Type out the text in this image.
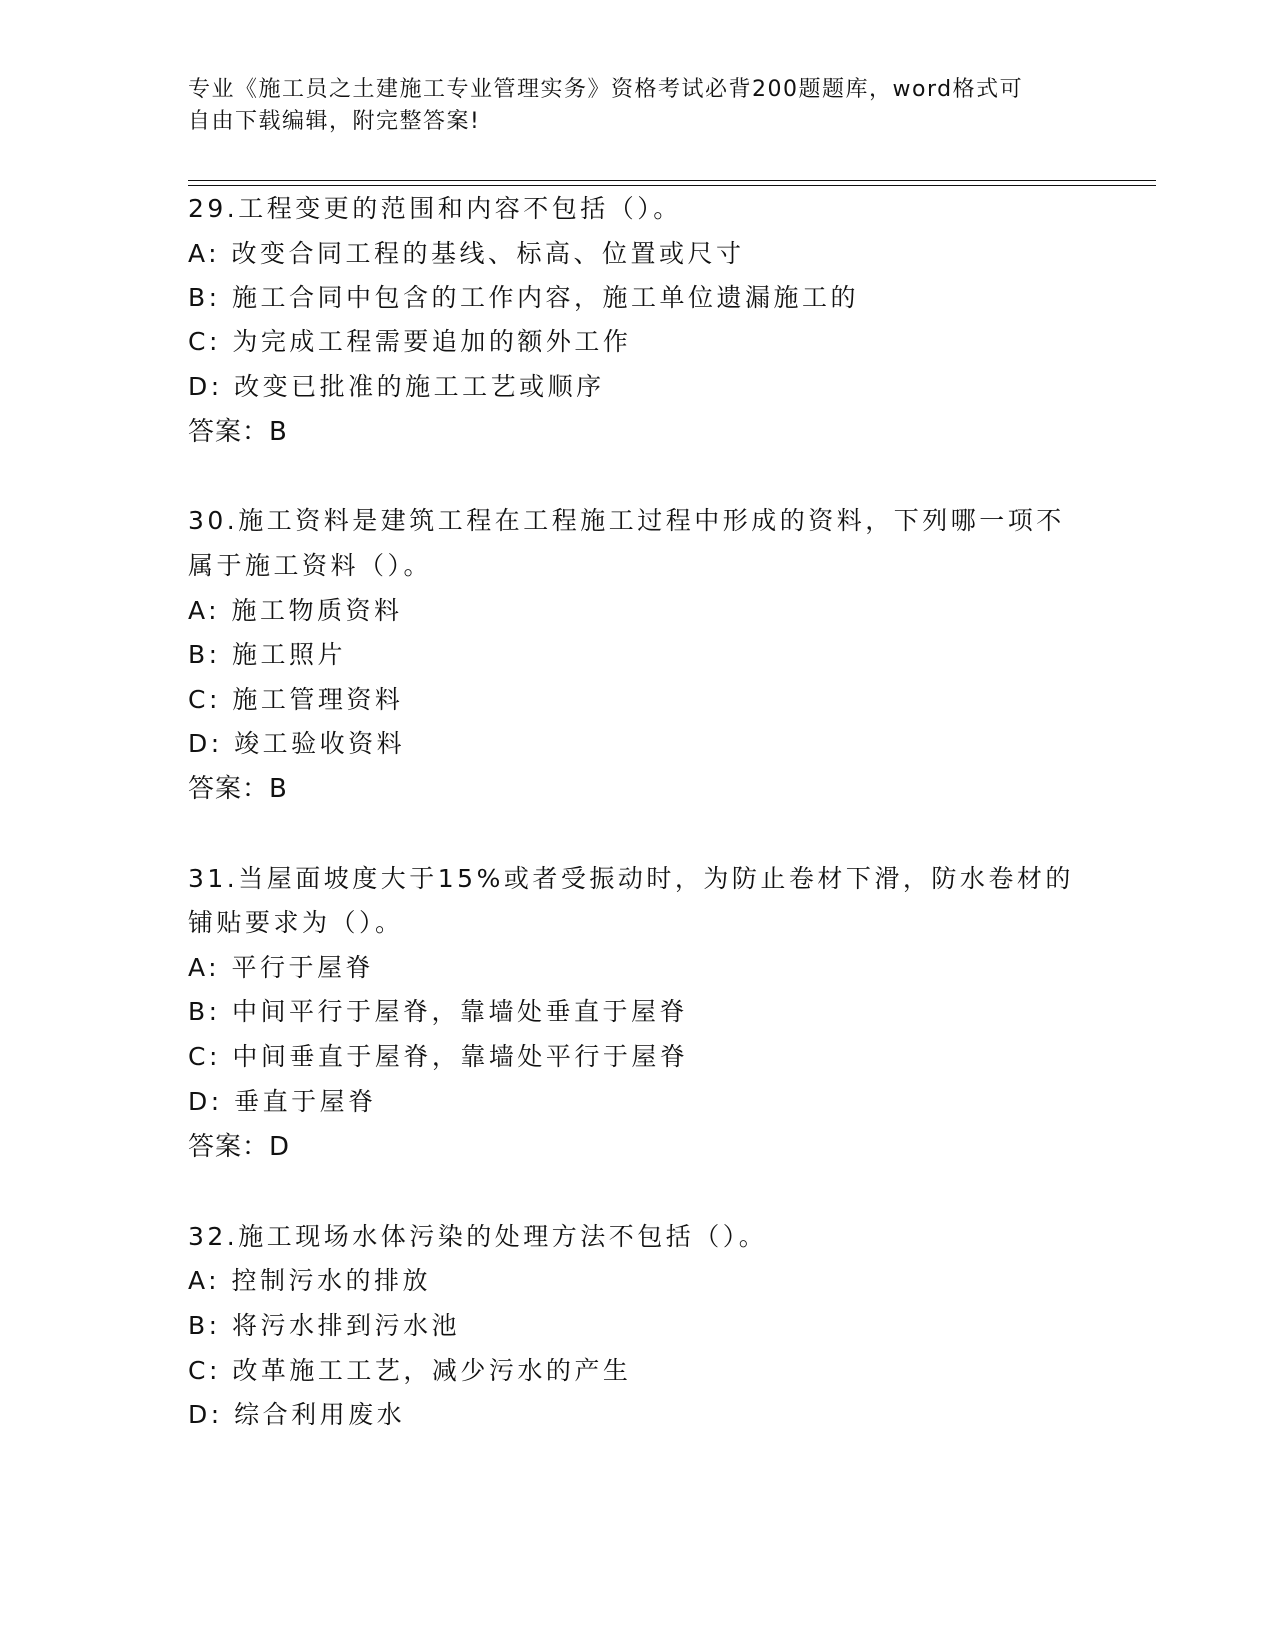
专业《施工员之土建施工专业管理实务》资格考试必背200题题库，word格式可
自由下载编辑，附完整答案!
29.工程变更的范围和内容不包括（）。
A: 改变合同工程的基线、标高、位置或尺寸
B: 施工合同中包含的工作内容，施工单位遗漏施工的
C: 为完成工程需要追加的额外工作
D: 改变已批准的施工工艺或顺序
答案：B
30.施工资料是建筑工程在工程施工过程中形成的资料，下列哪一项不
属于施工资料（）。
A: 施工物质资料
B: 施工照片
C: 施工管理资料
D: 竣工验收资料
答案：B
31.当屋面坡度大于15%或者受振动时，为防止卷材下滑，防水卷材的
铺贴要求为（）。
A: 平行于屋脊
B: 中间平行于屋脊，靠墙处垂直于屋脊
C: 中间垂直于屋脊，靠墙处平行于屋脊
D: 垂直于屋脊
答案：D
32.施工现场水体污染的处理方法不包括（）。
A: 控制污水的排放
B: 将污水排到污水池
C: 改革施工工艺，减少污水的产生
D: 综合利用废水
